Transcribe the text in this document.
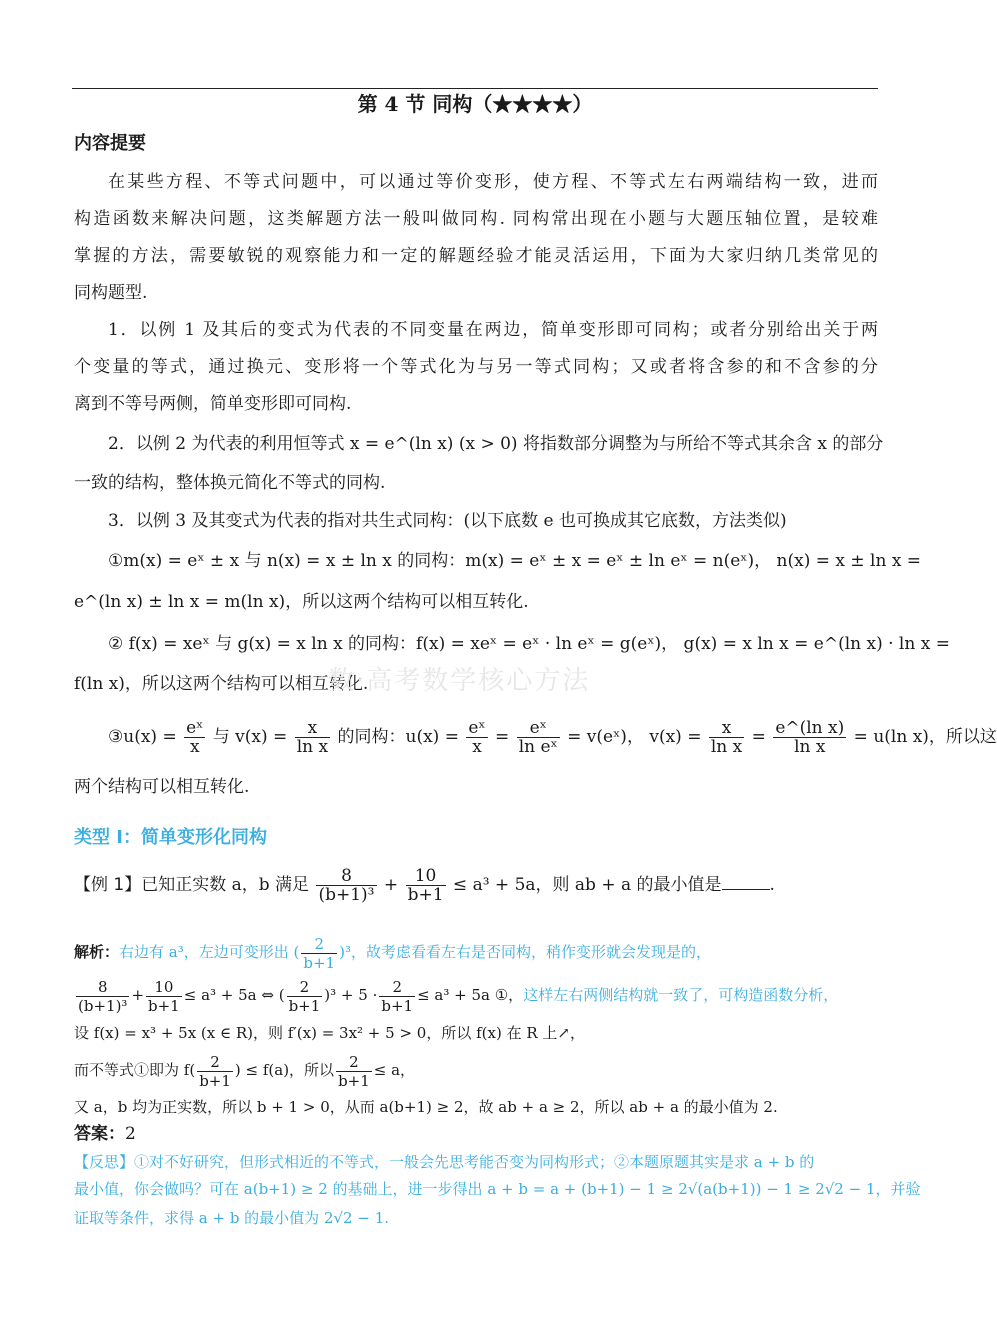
第 4 节 同构（★★★★）
内容提要
在某些方程、不等式问题中，可以通过等价变形，使方程、不等式左右两端结构一致，进而
构造函数来解决问题，这类解题方法一般叫做同构. 同构常出现在小题与大题压轴位置，是较难
掌握的方法，需要敏锐的观察能力和一定的解题经验才能灵活运用，下面为大家归纳几类常见的
同构题型.
1．以例 1 及其后的变式为代表的不同变量在两边，简单变形即可同构；或者分别给出关于两
个变量的等式，通过换元、变形将一个等式化为与另一等式同构；又或者将含参的和不含参的分
离到不等号两侧，简单变形即可同构.
2．以例 2 为代表的利用恒等式 x = e^(ln x) (x > 0) 将指数部分调整为与所给不等式其余含 x 的部分
一致的结构，整体换元简化不等式的同构.
3．以例 3 及其变式为代表的指对共生式同构：(以下底数 e 也可换成其它底数，方法类似)
①m(x) = eˣ ± x 与 n(x) = x ± ln x 的同构：m(x) = eˣ ± x = eˣ ± ln eˣ = n(eˣ)， n(x) = x ± ln x =
e^(ln x) ± ln x = m(ln x)，所以这两个结构可以相互转化.
② f(x) = xeˣ 与 g(x) = x ln x 的同构：f(x) = xeˣ = eˣ · ln eˣ = g(eˣ)， g(x) = x ln x = e^(ln x) · ln x =
f(ln x)，所以这两个结构可以相互转化.
③u(x) = $\frac{\text{eˣ}}{x}$ 与 $v(x) = \frac{x}{\text{ln x}}$ 的同构：$u(x) = \frac{\text{eˣ}}{x} = \frac{\text{eˣ}}{\text{ln eˣ}}$ = v(eˣ)， $v(x) = \frac{x}{\text{ln x}} = \frac{\text{e\textasciicircum{}(ln x)}}{\text{ln x}} = u(\ln$ x)，所以这
两个结构可以相互转化.
一数·高考数学核心方法
类型 I：简单变形化同构
【例 1】已知正实数 a，b 满足 $\frac{8}{\text{(b+1)³}} + \frac{10}{b+1} \le a^3 + 5a$，则 ab + a 的最小值是	.
解析：右边有 a³，左边可变形出 ( $\frac{2}{b+1} )^3$，故考虑看看左右是否同构，稍作变形就会发现是的，
$\frac{8}{\text{(b+1)³}} + \frac{10}{b+1} \le a^3 + 5a$ ⇔ ( $\frac{2}{b+1} )^3 + 5 \cdot \frac{2}{b+1} \le a^3 + 5a$ ①，这样左右两侧结构就一致了，可构造函数分析，
设 f(x) = x³ + 5x (x ∈ R)，则 f′(x) = 3x² + 5 > 0，所以 f(x) 在 R 上↗，
而不等式①即为 $f( \frac{2}{b+1}$ ) ≤ f(a)，所以 $\frac{2}{b+1} \le a$，
又 a，b 均为正实数，所以 b + 1 > 0，从而 a(b+1) ≥ 2，故 ab + a ≥ 2，所以 ab + a 的最小值为 2.
答案：2
【反思】①对不好研究，但形式相近的不等式，一般会先思考能否变为同构形式；②本题原题其实是求 a + b 的
最小值，你会做吗？可在 a(b+1) ≥ 2 的基础上，进一步得出 a + b = a + (b+1) − 1 ≥ 2√(a(b+1)) − 1 ≥ 2√2 − 1，并验
证取等条件，求得 a + b 的最小值为 2√2 − 1.
